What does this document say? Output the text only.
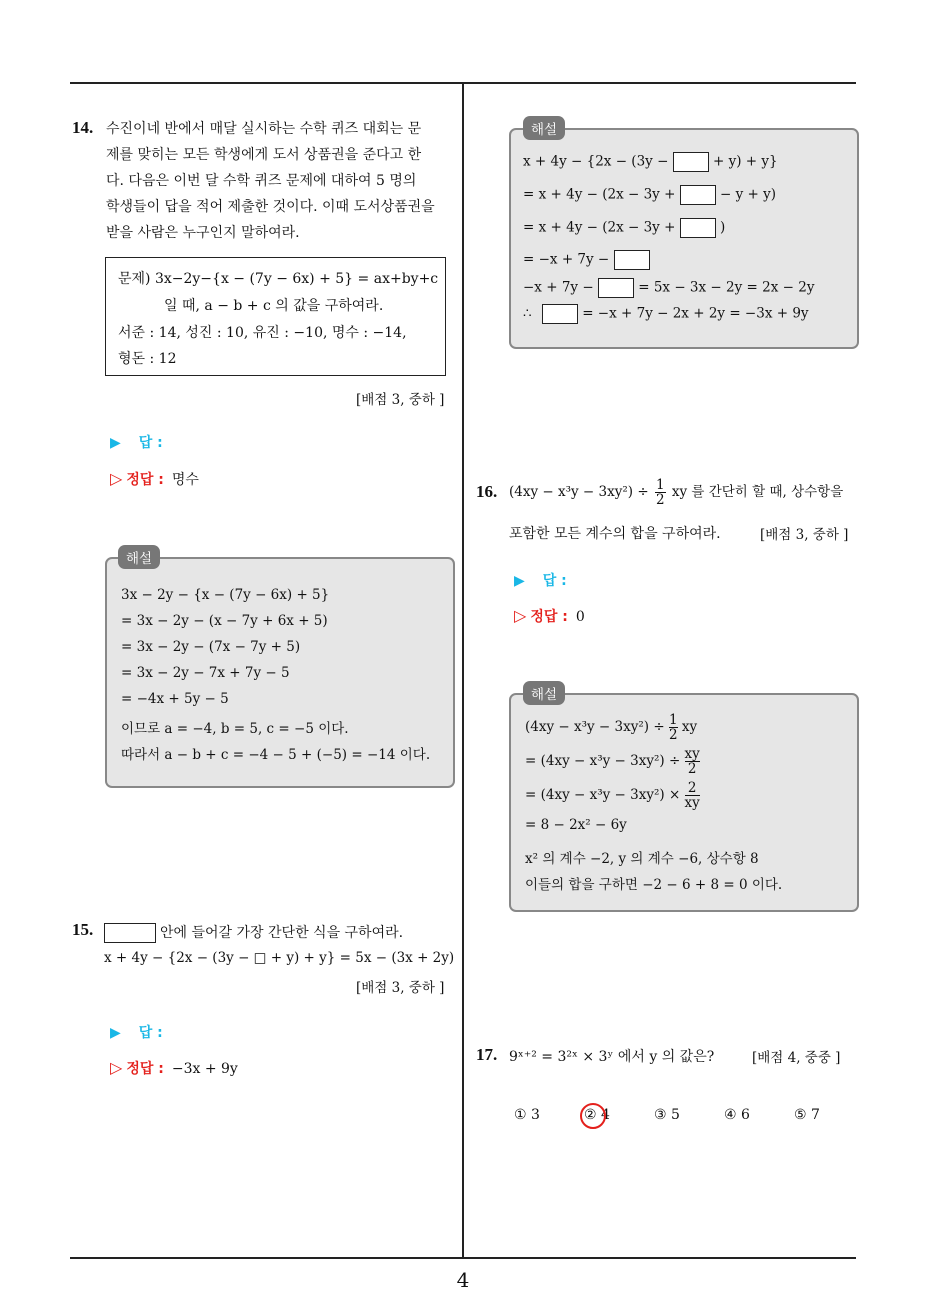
4
14. 수진이네 반에서 매달 실시하는 수학 퀴즈 대회는 문
제를 맞히는 모든 학생에게 도서 상품권을 준다고 한
다. 다음은 이번 달 수학 퀴즈 문제에 대하여 5 명의
학생들이 답을 적어 제출한 것이다. 이때 도서상품권을
받을 사람은 누구인지 말하여라.
문제) 3x−2y−{x − (7y − 6x) + 5} = ax+by+c
일 때, a − b + c 의 값을 구하여라.
서준 : 14, 성진 : 10, 유진 : −10, 명수 : −14,
형돈 : 12
[배점 3, 중하 ]
▶ 답 :
▷ 정답 : 명수
3x − 2y − {x − (7y − 6x) + 5}
= 3x − 2y − (x − 7y + 6x + 5)
= 3x − 2y − (7x − 7y + 5)
= 3x − 2y − 7x + 7y − 5
= −4x + 5y − 5
이므로 a = −4, b = 5, c = −5 이다.
따라서 a − b + c = −4 − 5 + (−5) = −14 이다.
해설
15.	안에 들어갈 가장 간단한 식을 구하여라.
x + 4y − {2x − (3y − □ + y) + y} = 5x − (3x + 2y)
[배점 3, 중하 ]
▶ 답 :
▷ 정답 : −3x + 9y
x + 4y − {2x − (3y −	+ y) + y}
= x + 4y − (2x − 3y +	− y + y)
= x + 4y − (2x − 3y +	)
= −x + 7y −
−x + 7y −	= 5x − 3x − 2y = 2x − 2y
∴	= −x + 7y − 2x + 2y = −3x + 9y
해설
16. $(4xy - x^3y - 3xy^2) \div \frac{1}{2}$ xy 를 간단히 할 때, 상수항을
포함한 모든 계수의 합을 구하여라.	[배점 3, 중하 ]
▶ 답 :
▷ 정답 : 0
$(4xy - x^3y - 3xy^2) \div \frac{1}{2}$ xy
= $(4xy - x^3y - 3xy^2) \div \frac{xy}{2}$
= $(4xy - x^3y - 3xy^2) \times \frac{2}{xy}$
= 8 − 2x² − 6y
x² 의 계수 −2, y 의 계수 −6, 상수항 8
이들의 합을 구하면 −2 − 6 + 8 = 0 이다.
해설
17. 9ˣ⁺² = 3²ˣ × 3ʸ 에서 y 의 값은?	[배점 4, 중중 ]
① 3	② 4	③ 5	④ 6	⑤ 7
